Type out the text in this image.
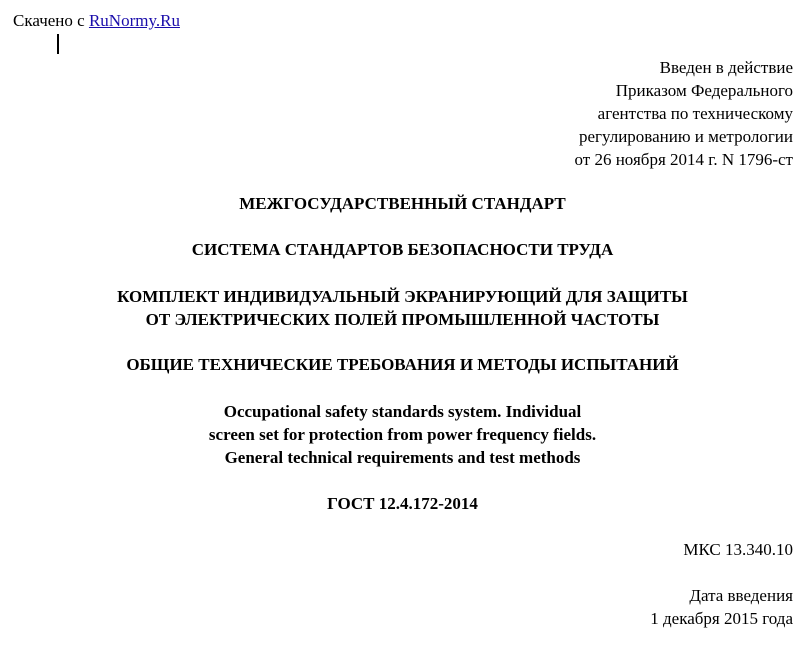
Скачено с RuNormy.Ru
Введен в действие
Приказом Федерального
агентства по техническому
регулированию и метрологии
от 26 ноября 2014 г. N 1796-ст
МЕЖГОСУДАРСТВЕННЫЙ СТАНДАРТ
СИСТЕМА СТАНДАРТОВ БЕЗОПАСНОСТИ ТРУДА
КОМПЛЕКТ ИНДИВИДУАЛЬНЫЙ ЭКРАНИРУЮЩИЙ ДЛЯ ЗАЩИТЫ
ОТ ЭЛЕКТРИЧЕСКИХ ПОЛЕЙ ПРОМЫШЛЕННОЙ ЧАСТОТЫ
ОБЩИЕ ТЕХНИЧЕСКИЕ ТРЕБОВАНИЯ И МЕТОДЫ ИСПЫТАНИЙ
Occupational safety standards system. Individual
screen set for protection from power frequency fields.
General technical requirements and test methods
ГОСТ 12.4.172-2014
МКС 13.340.10
Дата введения
1 декабря 2015 года
